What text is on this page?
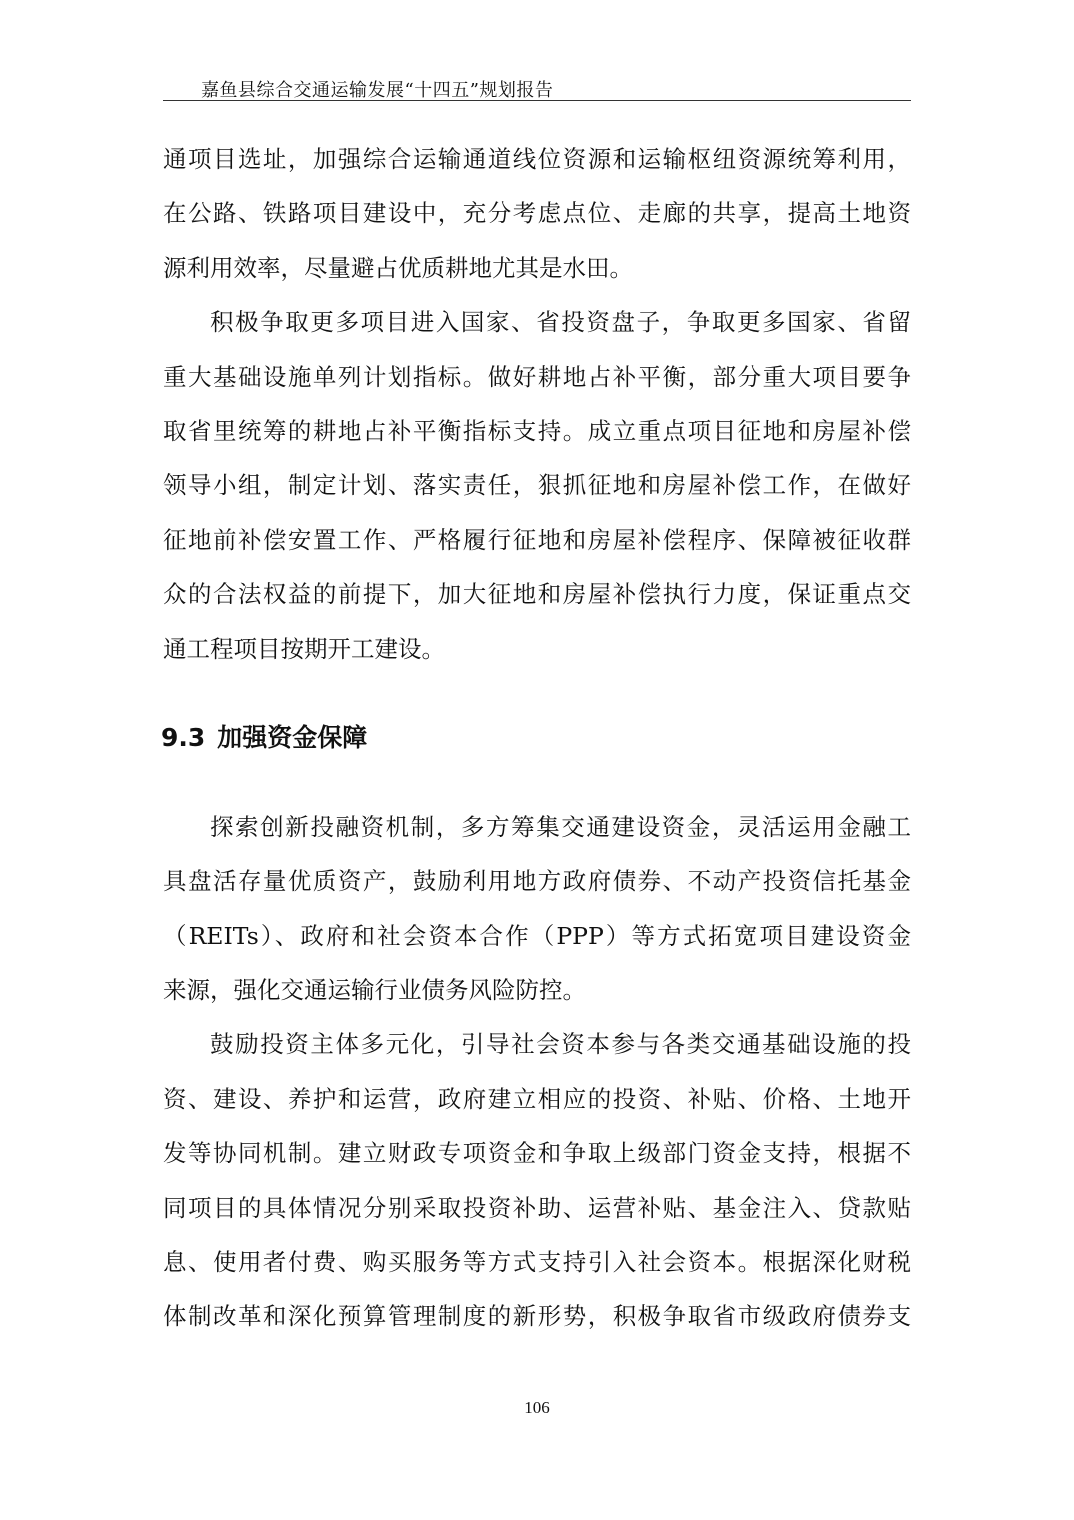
嘉鱼县综合交通运输发展“十四五”规划报告
通项目选址，加强综合运输通道线位资源和运输枢纽资源统筹利用，
在公路、铁路项目建设中，充分考虑点位、走廊的共享，提高土地资
源利用效率，尽量避占优质耕地尤其是水田。
积极争取更多项目进入国家、省投资盘子，争取更多国家、省留
重大基础设施单列计划指标。做好耕地占补平衡，部分重大项目要争
取省里统筹的耕地占补平衡指标支持。成立重点项目征地和房屋补偿
领导小组，制定计划、落实责任，狠抓征地和房屋补偿工作，在做好
征地前补偿安置工作、严格履行征地和房屋补偿程序、保障被征收群
众的合法权益的前提下，加大征地和房屋补偿执行力度，保证重点交
通工程项目按期开工建设。
9.3 加强资金保障
探索创新投融资机制，多方筹集交通建设资金，灵活运用金融工
具盘活存量优质资产，鼓励利用地方政府债券、不动产投资信托基金
（REITs）、政府和社会资本合作（PPP）等方式拓宽项目建设资金
来源，强化交通运输行业债务风险防控。
鼓励投资主体多元化，引导社会资本参与各类交通基础设施的投
资、建设、养护和运营，政府建立相应的投资、补贴、价格、土地开
发等协同机制。建立财政专项资金和争取上级部门资金支持，根据不
同项目的具体情况分别采取投资补助、运营补贴、基金注入、贷款贴
息、使用者付费、购买服务等方式支持引入社会资本。根据深化财税
体制改革和深化预算管理制度的新形势，积极争取省市级政府债券支
106
